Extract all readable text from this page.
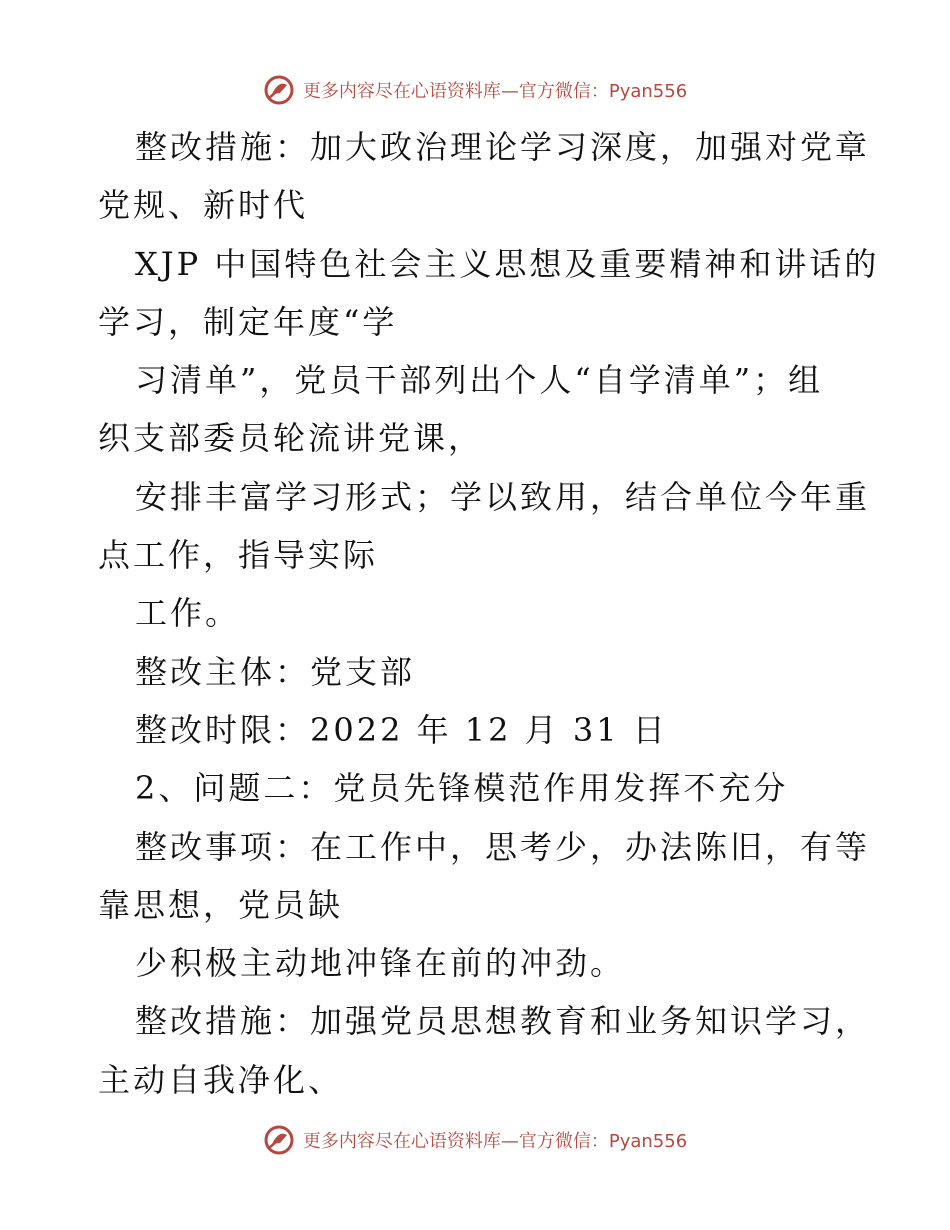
更多内容尽在心语资料库—官方微信：Pyan556
整改措施：加大政治理论学习深度，加强对党章
党规、新时代
XJP 中国特色社会主义思想及重要精神和讲话的
学习，制定年度“学
习清单”，党员干部列出个人“自学清单”；组
织支部委员轮流讲党课，
安排丰富学习形式；学以致用，结合单位今年重
点工作，指导实际
工作。
整改主体：党支部
整改时限：2022 年 12 月 31 日
2、问题二：党员先锋模范作用发挥不充分
整改事项：在工作中，思考少，办法陈旧，有等
靠思想，党员缺
少积极主动地冲锋在前的冲劲。
整改措施：加强党员思想教育和业务知识学习，
主动自我净化、
更多内容尽在心语资料库—官方微信：Pyan556
